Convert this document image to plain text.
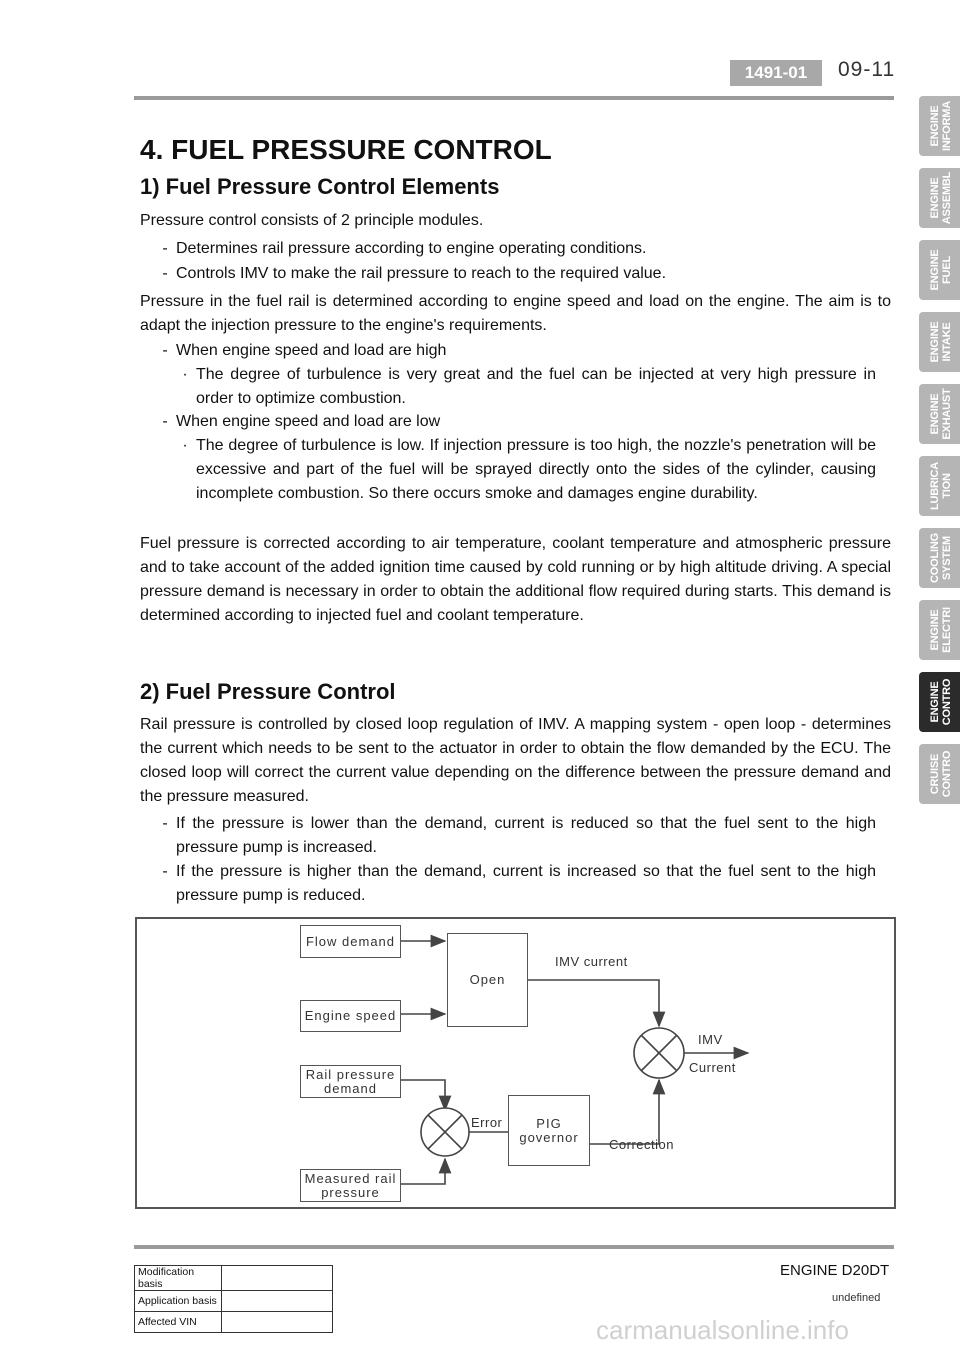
1491-01	09-11
ENGINE
INFORMA
ENGINE
ASSEMBL
ENGINE
FUEL
ENGINE
INTAKE
ENGINE
EXHAUST
LUBRICA
TION
COOLING
SYSTEM
ENGINE
ELECTRI
ENGINE
CONTRO
CRUISE
CONTRO
4. FUEL PRESSURE CONTROL
1) Fuel Pressure Control Elements

Pressure control consists of 2 principle modules.

- Determines rail pressure according to engine operating conditions.
- Controls IMV to make the rail pressure to reach to the required value.

Pressure in the fuel rail is determined according to engine speed and load on the engine. The aim is to adapt the injection pressure to the engine's requirements.

- When engine speed and load are high
· The degree of turbulence is very great and the fuel can be injected at very high pressure in order to optimize combustion.
- When engine speed and load are low
· The degree of turbulence is low. If injection pressure is too high, the nozzle's penetration will be excessive and part of the fuel will be sprayed directly onto the sides of the cylinder, causing incomplete combustion. So there occurs smoke and damages engine durability.

Fuel pressure is corrected according to air temperature, coolant temperature and atmospheric pressure and to take account of the added ignition time caused by cold running or by high altitude driving. A special pressure demand is necessary in order to obtain the additional flow required during starts. This demand is determined according to injected fuel and coolant temperature.

2) Fuel Pressure Control

Rail pressure is controlled by closed loop regulation of IMV. A mapping system - open loop - determines the current which needs to be sent to the actuator in order to obtain the flow demanded by the ECU. The closed loop will correct the current value depending on the difference between the pressure demand and the pressure measured.

- If the pressure is lower than the demand, current is reduced so that the fuel sent to the high pressure pump is increased.
- If the pressure is higher than the demand, current is increased so that the fuel sent to the high pressure pump is reduced.
Flow demand
Engine speed
Open
IMV current
IMV
Current
Rail pressure
demand
Error	PIG
governor	Correction
Measured rail
pressure
ENGINE D20DT
undefined
Modification basis	
Application basis	
Affected VIN		carmanualsonline.info
